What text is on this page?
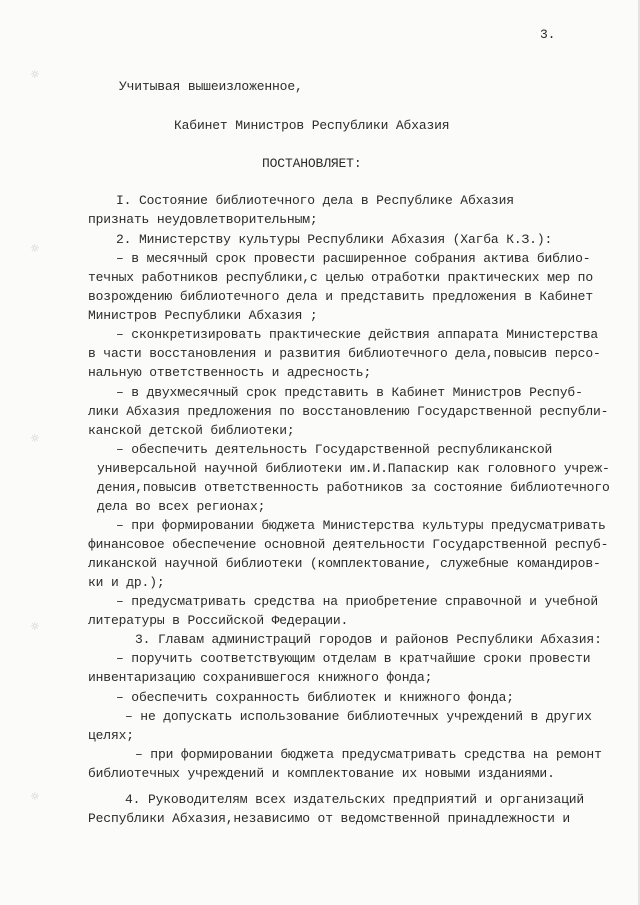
☼
☼
☼
☼
☼
3.
Учитывая вышеизложенное,
Кабинет Министров Республики Абхазия
ПОСТАНОВЛЯЕТ:
I. Состояние библиотечного дела в Республике Абхазия
признать неудовлетворительным;
2. Министерству культуры Республики Абхазия (Хагба К.З.):
– в месячный срок провести расширенное собрания актива библио-
течных работников республики,с целью отработки практических мер по
возрождению библиотечного дела и представить предложения в Кабинет
Министров Республики Абхазия ;
– сконкретизировать практические действия аппарата Министерства
в части восстановления и развития библиотечного дела,повысив персо-
нальную ответственность и адресность;
– в двухмесячный срок представить в Кабинет Министров Респуб-
лики Абхазия предложения по восстановлению Государственной республи-
канской детской библиотеки;
– обеспечить деятельность Государственной республиканской
универсальной научной библиотеки им.И.Папаскир как головного учреж-
дения,повысив ответственность работников за состояние библиотечного
дела во всех регионах;
– при формировании бюджета Министерства культуры предусматривать
финансовое обеспечение основной деятельности Государственной респуб-
ликанской научной библиотеки (комплектование, служебные командиров-
ки и др.);
– предусматривать средства на приобретение справочной и учебной
литературы в Российской Федерации.
3. Главам администраций городов и районов Республики Абхазия:
– поручить соответствующим отделам в кратчайшие сроки провести
инвентаризацию сохранившегося книжного фонда;
– обеспечить сохранность библиотек и книжного фонда;
– не допускать использование библиотечных учреждений в других
целях;
– при формировании бюджета предусматривать средства на ремонт
библиотечных учреждений и комплектование их новыми изданиями.
4. Руководителям всех издательских предприятий и организаций
Республики Абхазия,независимо от ведомственной принадлежности и
